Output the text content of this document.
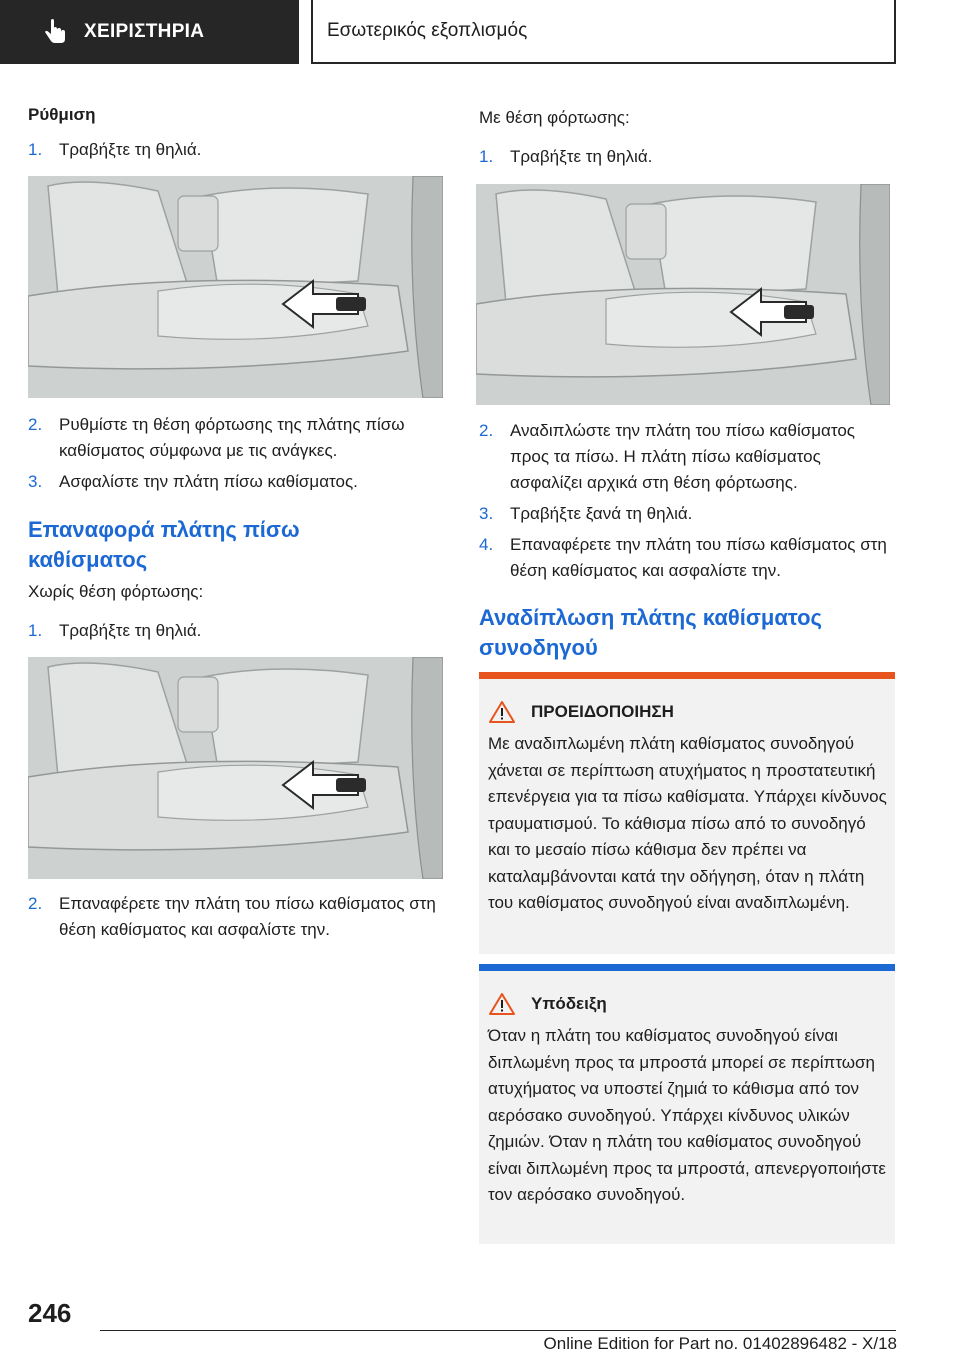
ΧΕΙΡΙΣΤΗΡΙΑ	Εσωτερικός εξοπλισμός
Ρύθμιση
1. Τραβήξτε τη θηλιά.
2. Ρυθμίστε τη θέση φόρτωσης της πλάτης πίσω καθίσματος σύμφωνα με τις ανάγκες.
3. Ασφαλίστε την πλάτη πίσω καθίσματος.
Επαναφορά πλάτης πίσω καθίσματος
Χωρίς θέση φόρτωσης:
1. Τραβήξτε τη θηλιά.
2. Επαναφέρετε την πλάτη του πίσω καθίσματος στη θέση καθίσματος και ασφαλίστε την.
Με θέση φόρτωσης:
1. Τραβήξτε τη θηλιά.
2. Αναδιπλώστε την πλάτη του πίσω καθίσματος προς τα πίσω. Η πλάτη πίσω καθίσματος ασφαλίζει αρχικά στη θέση φόρτωσης.
3. Τραβήξτε ξανά τη θηλιά.
4. Επαναφέρετε την πλάτη του πίσω καθίσματος στη θέση καθίσματος και ασφαλίστε την.
Αναδίπλωση πλάτης καθίσματος συνοδηγού
ΠΡΟΕΙΔΟΠΟΙΗΣΗ
Με αναδιπλωμένη πλάτη καθίσματος συνοδηγού χάνεται σε περίπτωση ατυχήματος η προστατευτική επενέργεια για τα πίσω καθίσματα. Υπάρχει κίνδυνος τραυματισμού. Το κάθισμα πίσω από το συνοδηγό και το μεσαίο πίσω κάθισμα δεν πρέπει να καταλαμβάνονται κατά την οδήγηση, όταν η πλάτη του καθίσματος συνοδηγού είναι αναδιπλωμένη.
Υπόδειξη
Όταν η πλάτη του καθίσματος συνοδηγού είναι διπλωμένη προς τα μπροστά μπορεί σε περίπτωση ατυχήματος να υποστεί ζημιά το κάθισμα από τον αερόσακο συνοδηγού. Υπάρχει κίνδυνος υλικών ζημιών. Όταν η πλάτη του καθίσματος συνοδηγού είναι διπλωμένη προς τα μπροστά, απενεργοποιήστε τον αερόσακο συνοδηγού.
246
Online Edition for Part no. 01402896482 - X/18
